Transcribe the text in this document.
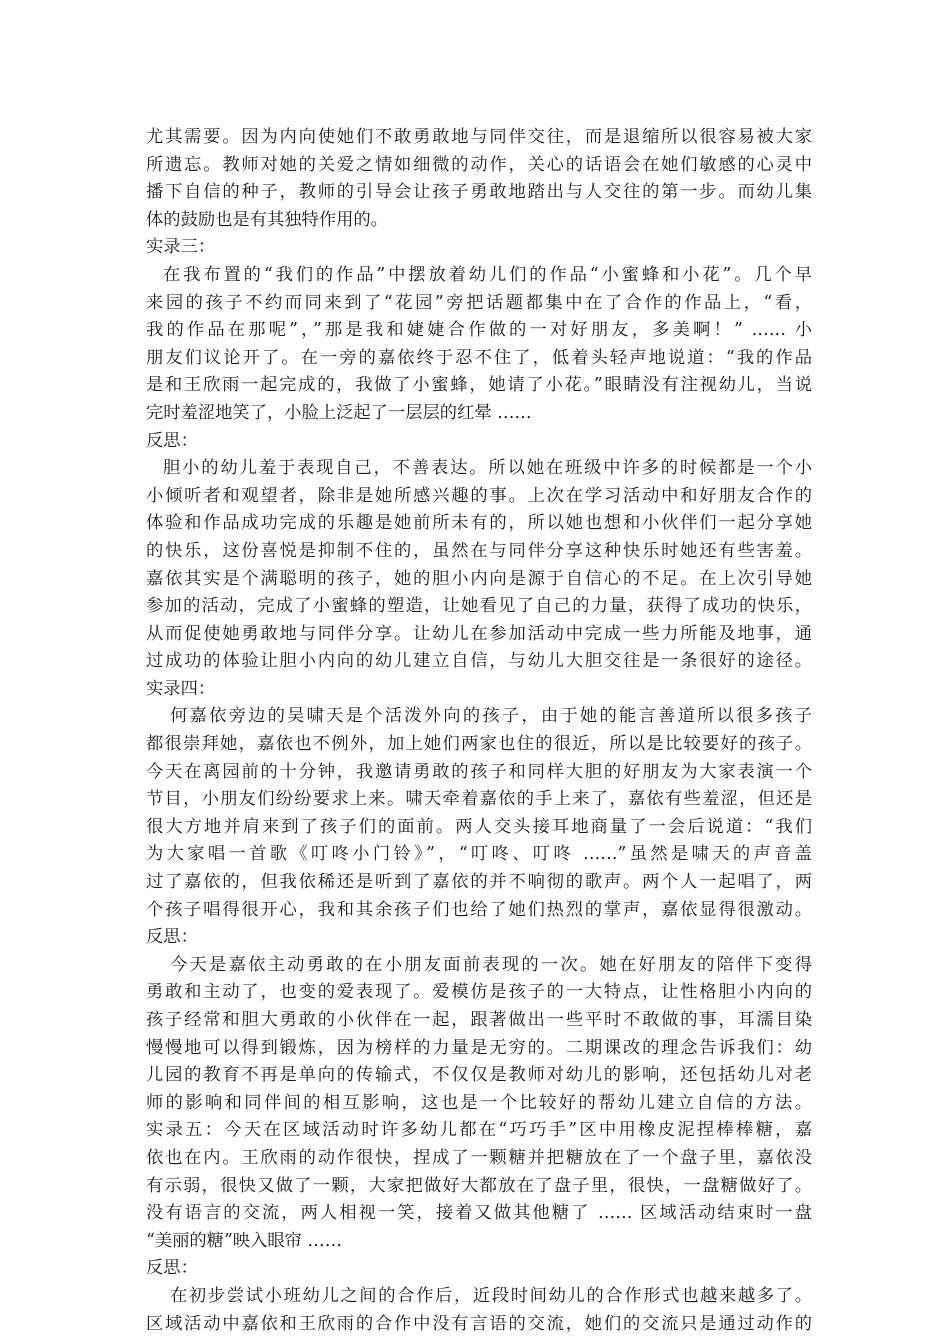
尤其需要。因为内向使她们不敢勇敢地与同伴交往，而是退缩所以很容易被大家
所遗忘。教师对她的关爱之情如细微的动作，关心的话语会在她们敏感的心灵中
播下自信的种子，教师的引导会让孩子勇敢地踏出与人交往的第一步。而幼儿集
体的鼓励也是有其独特作用的。
实录三：
在我布置的“我们的作品”中摆放着幼儿们的作品“小蜜蜂和小花”。几个早
来园的孩子不约而同来到了“花园”旁把话题都集中在了合作的作品上，“看，
我的作品在那呢”，”那是我和婕婕合作做的一对好朋友，多美啊！” …… 小
朋友们议论开了。在一旁的嘉依终于忍不住了，低着头轻声地说道：“我的作品
是和王欣雨一起完成的，我做了小蜜蜂，她请了小花。”眼睛没有注视幼儿，当说
完时羞涩地笑了，小脸上泛起了一层层的红晕 ……
反思：
胆小的幼儿羞于表现自己，不善表达。所以她在班级中许多的时候都是一个小
小倾听者和观望者，除非是她所感兴趣的事。上次在学习活动中和好朋友合作的
体验和作品成功完成的乐趣是她前所未有的，所以她也想和小伙伴们一起分享她
的快乐，这份喜悦是抑制不住的，虽然在与同伴分享这种快乐时她还有些害羞。
嘉依其实是个满聪明的孩子，她的胆小内向是源于自信心的不足。在上次引导她
参加的活动，完成了小蜜蜂的塑造，让她看见了自己的力量，获得了成功的快乐，
从而促使她勇敢地与同伴分享。让幼儿在参加活动中完成一些力所能及地事，通
过成功的体验让胆小内向的幼儿建立自信，与幼儿大胆交往是一条很好的途径。
实录四：
何嘉依旁边的吴啸天是个活泼外向的孩子，由于她的能言善道所以很多孩子
都很崇拜她，嘉依也不例外，加上她们两家也住的很近，所以是比较要好的孩子。
今天在离园前的十分钟，我邀请勇敢的孩子和同样大胆的好朋友为大家表演一个
节目，小朋友们纷纷要求上来。啸天牵着嘉依的手上来了，嘉依有些羞涩，但还是
很大方地并肩来到了孩子们的面前。两人交头接耳地商量了一会后说道：“我们
为大家唱一首歌《叮咚小门铃》”，“叮咚、叮咚 ……”虽然是啸天的声音盖
过了嘉依的，但我依稀还是听到了嘉依的并不响彻的歌声。两个人一起唱了，两
个孩子唱得很开心，我和其余孩子们也给了她们热烈的掌声，嘉依显得很激动。
反思：
今天是嘉依主动勇敢的在小朋友面前表现的一次。她在好朋友的陪伴下变得
勇敢和主动了，也变的爱表现了。爱模仿是孩子的一大特点，让性格胆小内向的
孩子经常和胆大勇敢的小伙伴在一起，跟著做出一些平时不敢做的事，耳濡目染
慢慢地可以得到锻炼，因为榜样的力量是无穷的。二期课改的理念告诉我们：幼
儿园的教育不再是单向的传输式，不仅仅是教师对幼儿的影响，还包括幼儿对老
师的影响和同伴间的相互影响，这也是一个比较好的帮幼儿建立自信的方法。
实录五：今天在区域活动时许多幼儿都在“巧巧手”区中用橡皮泥捏棒棒糖，嘉
依也在内。王欣雨的动作很快，捏成了一颗糖并把糖放在了一个盘子里，嘉依没
有示弱，很快又做了一颗，大家把做好大都放在了盘子里，很快，一盘糖做好了。
没有语言的交流，两人相视一笑，接着又做其他糖了 …… 区域活动结束时一盘
“美丽的糖”映入眼帘 ……
反思：
在初步尝试小班幼儿之间的合作后，近段时间幼儿的合作形式也越来越多了。
区域活动中嘉依和王欣雨的合作中没有言语的交流，她们的交流只是通过动作的
